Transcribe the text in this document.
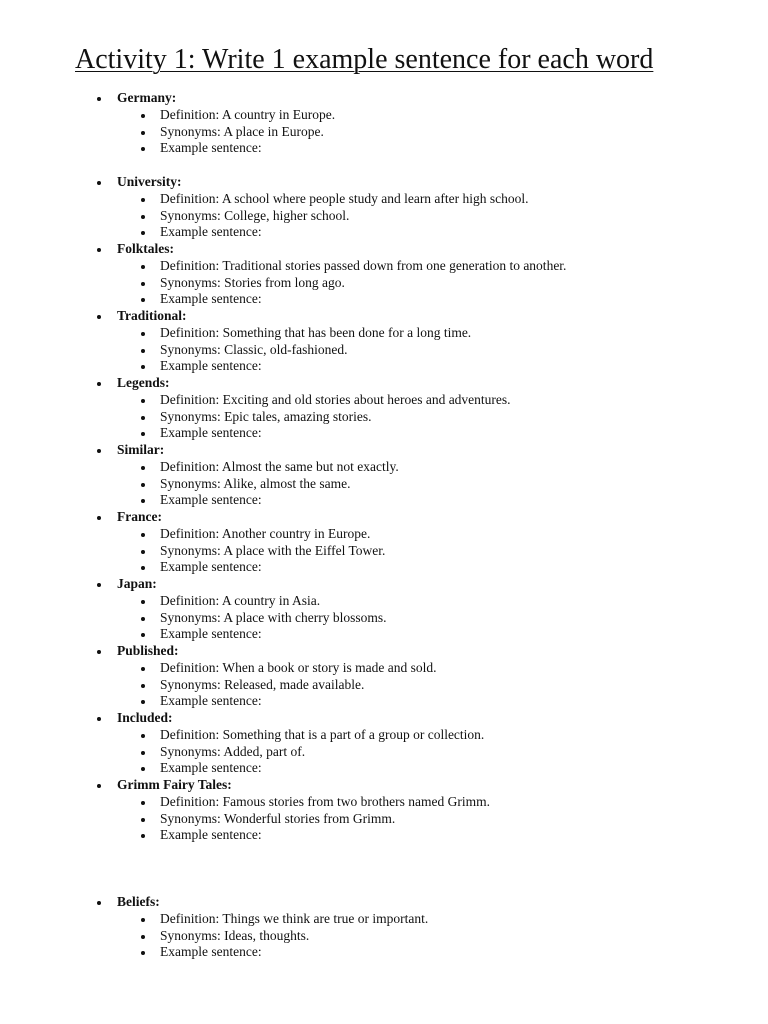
Activity 1: Write 1 example sentence for each word
Germany:
Definition: A country in Europe.
Synonyms: A place in Europe.
Example sentence:
University:
Definition: A school where people study and learn after high school.
Synonyms: College, higher school.
Example sentence:
Folktales:
Definition: Traditional stories passed down from one generation to another.
Synonyms: Stories from long ago.
Example sentence:
Traditional:
Definition: Something that has been done for a long time.
Synonyms: Classic, old-fashioned.
Example sentence:
Legends:
Definition: Exciting and old stories about heroes and adventures.
Synonyms: Epic tales, amazing stories.
Example sentence:
Similar:
Definition: Almost the same but not exactly.
Synonyms: Alike, almost the same.
Example sentence:
France:
Definition: Another country in Europe.
Synonyms: A place with the Eiffel Tower.
Example sentence:
Japan:
Definition: A country in Asia.
Synonyms: A place with cherry blossoms.
Example sentence:
Published:
Definition: When a book or story is made and sold.
Synonyms: Released, made available.
Example sentence:
Included:
Definition: Something that is a part of a group or collection.
Synonyms: Added, part of.
Example sentence:
Grimm Fairy Tales:
Definition: Famous stories from two brothers named Grimm.
Synonyms: Wonderful stories from Grimm.
Example sentence:
Beliefs:
Definition: Things we think are true or important.
Synonyms: Ideas, thoughts.
Example sentence:
